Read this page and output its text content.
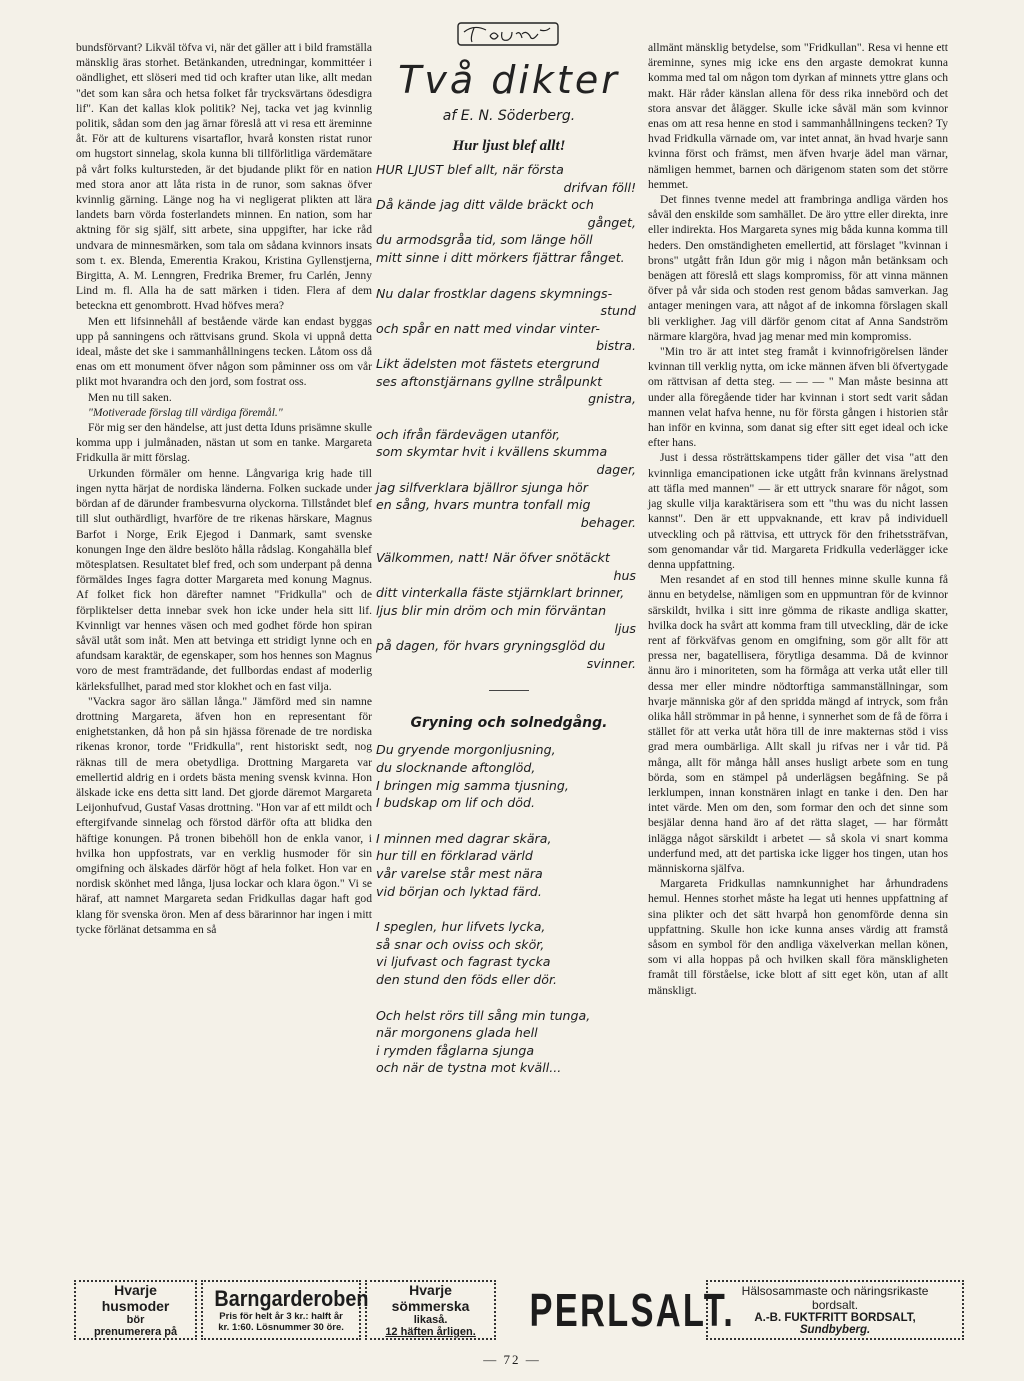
bundsförvant? Likväl töfva vi, när det gäller att i bild framställa mänsklig äras storhet. Betänkanden, utredningar, kommittéer i oändlighet, ett slöseri med tid och krafter utan like, allt medan "det som kan såra och hetsa folket får trycksvärtans ödesdigra lif". Kan det kallas klok politik? Nej, tacka vet jag kvinnlig politik, sådan som den jag ärnar föreslå att vi resa ett äreminne åt. För att de kulturens visartaflor, hvarå konsten ristat runor om hugstort sinnelag, skola kunna bli tillförlitliga värdemätare på vårt folks kultursteden, är det bjudande plikt för en nation med stora anor att låta rista in de runor, som saknas öfver kvinnlig gärning. Länge nog ha vi negligerat plikten att lära landets barn vörda fosterlandets minnen. En nation, som har aktning för sig själf, sitt arbete, sina uppgifter, har icke råd undvara de minnesmärken, som tala om sådana kvinnors insats som t. ex. Blenda, Emerentia Krakou, Kristina Gyllenstjerna, Birgitta, A. M. Lenngren, Fredrika Bremer, fru Carlén, Jenny Lind m. fl. Alla ha de satt märken i tiden. Flera af dem beteckna ett genombrott. Hvad höfves mera?

Men ett lifsinnehåll af bestående värde kan endast byggas upp på sanningens och rättvisans grund. Skola vi uppnå detta ideal, måste det ske i sammanhållningens tecken. Låtom oss då enas om ett monument öfver någon som påminner oss om vår plikt mot hvarandra och den jord, som fostrat oss.

Men nu till saken.

"Motiverade förslag till värdiga föremål."

För mig ser den händelse, att just detta Iduns prisämne skulle komma upp i julmånaden, nästan ut som en tanke. Margareta Fridkulla är mitt förslag.

Urkunden förmäler om henne. Långvariga krig hade till ingen nytta härjat de nordiska länderna. Folken suckade under bördan af de därunder frambesvurna olyckorna. Tillståndet blef till slut outhärdligt, hvarföre de tre rikenas härskare, Magnus Barfot i Norge, Erik Ejegod i Danmark, samt svenske konungen Inge den äldre beslöto hålla rådslag. Kongahälla blef mötesplatsen. Resultatet blef fred, och som underpant på denna förmäldes Inges fagra dotter Margareta med konung Magnus. Af folket fick hon därefter namnet "Fridkulla" och de förpliktelser detta innebar svek hon icke under hela sitt lif. Kvinnligt var hennes väsen och med godhet förde hon spiran såväl utåt som inåt. Men att betvinga ett stridigt lynne och en afundsam karaktär, de egenskaper, som hos hennes son Magnus voro de mest framträdande, det fullbordas endast af moderlig kärleksfullhet, parad med stor klokhet och en fast vilja.

"Vackra sagor äro sällan långa." Jämförd med sin namne drottning Margareta, äfven hon en representant för enighetstanken, då hon på sin hjässa förenade de tre nordiska rikenas kronor, torde "Fridkulla", rent historiskt sedt, nog räknas till de mera obetydliga. Drottning Margareta var emellertid aldrig en i ordets bästa mening svensk kvinna. Hon älskade icke ens detta sitt land. Det gjorde däremot Margareta Leijonhufvud, Gustaf Vasas drottning. "Hon var af ett mildt och eftergifvande sinnelag och förstod därför ofta att blidka den häftige konungen. På tronen bibehöll hon de enkla vanor, i hvilka hon uppfostrats, var en verklig husmoder för sin omgifning och älskades därför högt af hela folket. Hon var en nordisk skönhet med långa, ljusa lockar och klara ögon." Vi se häraf, att namnet Margareta sedan Fridkullas dagar haft god klang för svenska öron. Men af dess bärarinnor har ingen i mitt tycke förlänat detsamma en så

Idun
Två dikter
af E. N. Söderberg.
Hur ljust blef allt!
HUR LJUST blef allt, när första
drifvan föll!
Då kände jag ditt välde bräckt och
gånget,
du armodsgråa tid, som länge höll
mitt sinne i ditt mörkers fjättrar fånget.
Nu dalar frostklar dagens skymnings-
stund
och spår en natt med vindar vinter-
bistra.
Likt ädelsten mot fästets etergrund
ses aftonstjärnans gyllne strålpunkt
gnistra,
och ifrån färdevägen utanför,
som skymtar hvit i kvällens skumma
dager,
jag silfverklara bjällror sjunga hör
en sång, hvars muntra tonfall mig
behager.
Välkommen, natt! När öfver snötäckt
hus
ditt vinterkalla fäste stjärnklart brinner,
ljus blir min dröm och min förväntan
ljus
på dagen, för hvars gryningsglöd du
svinner.
Gryning och solnedgång.
Du gryende morgonljusning,
du slocknande aftonglöd,
I bringen mig samma tjusning,
I budskap om lif och död.
I minnen med dagrar skära,
hur till en förklarad värld
vår varelse står mest nära
vid början och lyktad färd.
I speglen, hur lifvets lycka,
så snar och oviss och skör,
vi ljufvast och fagrast tycka
den stund den föds eller dör.
Och helst rörs till sång min tunga,
när morgonens glada hell
i rymden fåglarna sjunga
och när de tystna mot kväll...

allmänt mänsklig betydelse, som "Fridkullan". Resa vi henne ett äreminne, synes mig icke ens den argaste demokrat kunna komma med tal om någon tom dyrkan af minnets yttre glans och makt. Här råder känslan allena för dess rika innebörd och det stora ansvar det ålägger. Skulle icke såväl män som kvinnor enas om att resa henne en stod i sammanhållningens tecken? Ty hvad Fridkulla värnade om, var intet annat, än hvad hvarje sann kvinna först och främst, men äfven hvarje ädel man värnar, nämligen hemmet, barnen och därigenom staten som det större hemmet.

Det finnes tvenne medel att frambringa andliga värden hos såväl den enskilde som samhället. De äro yttre eller direkta, inre eller indirekta. Hos Margareta synes mig båda kunna komma till heders. Den omständigheten emellertid, att förslaget "kvinnan i brons" utgått från Idun gör mig i någon mån betänksam och benägen att föreslå ett slags kompromiss, för att vinna männen öfver på vår sida och stoden rest genom bådas samverkan. Jag antager meningen vara, att något af de inkomna förslagen skall bli verkligheт. Jag vill därför genom citat af Anna Sandström närmare klargöra, hvad jag menar med min kompromiss.

"Min tro är att intet steg framåt i kvinnofrigörelsen länder kvinnan till verklig nytta, om icke männen äfven bli öfvertygade om rättvisan af detta steg. — — — " Man måste besinna att under alla föregående tider har kvinnan i stort sedt varit sådan mannen velat hafva henne, nu för första gången i historien står han inför en kvinna, som danat sig efter sitt eget ideal och icke efter hans.

Just i dessa rösträttskampens tider gäller det visa "att den kvinnliga emancipationen icke utgått från kvinnans ärelystnad att täfla med mannen" — är ett uttryck snarare för något, som jag skulle vilja karaktärisera som ett "thu was du nicht lassen kannst". Den är ett uppvaknande, ett krav på individuell utveckling och på rättvisa, ett uttryck för den frihetssträfvan, som genomandar vår tid. Margareta Fridkulla vederlägger icke denna uppfattning.

Men resandet af en stod till hennes minne skulle kunna få ännu en betydelse, nämligen som en uppmuntran för de kvinnor särskildt, hvilka i sitt inre gömma de rikaste andliga skatter, hvilka dock ha svårt att komma fram till utveckling, där de icke rent af förkväfvas genom en omgifning, som gör allt för att pressa ner, bagatellisera, förytliga desamma. Då de kvinnor ännu äro i minoriteten, som ha förmåga att verka utåt eller till dessa mer eller mindre nödtorftiga sammanställningar, som hvarje människa gör af den spridda mängd af intryck, som från olika håll strömmar in på henne, i synnerhet som de få de förra i stället för att verka utåt höra till de inre makternas stöd i viss grad mera oumbärliga. Allt skall ju rifvas ner i vår tid. På många, allt för många håll anses husligt arbete som en tung börda, som en stämpel på underlägsen begåfning. Se på lerklumpen, innan konstnären inlagt en tanke i den. Den har intet värde. Men om den, som formar den och det sinne som besjälar denna hand äro af det rätta slaget, — har förmått inlägga något särskildt i arbetet — så skola vi snart komma underfund med, att det partiska icke ligger hos tingen, utan hos människorna själfva.

Margareta Fridkullas namnkunnighet har århundradens hemul. Hennes storhet måste ha legat uti hennes uppfattning af sina plikter och det sätt hvarpå hon genomförde denna sin uppfattning. Skulle hon icke kunna anses värdig att framstå såsom en symbol för den andliga växelverkan mellan könen, som vi alla hoppas på och hvilken skall föra mänskligheten framåt till förståelse, icke blott af sitt eget kön, utan af allt mänskligt.

Hvarje husmoder
bör
prenumerera på
Barngarderoben
Pris för helt år 3 kr.: halft år
kr. 1:60. Lösnummer 30 öre.
Hvarje sömmerska
likaså.
12 häften årligen.	PERLSALT. Hälsosammaste och näringsrikaste
bordsalt.
A.-B. FUKTFRITT BORDSALT,
Sundbyberg.
— 72 —
